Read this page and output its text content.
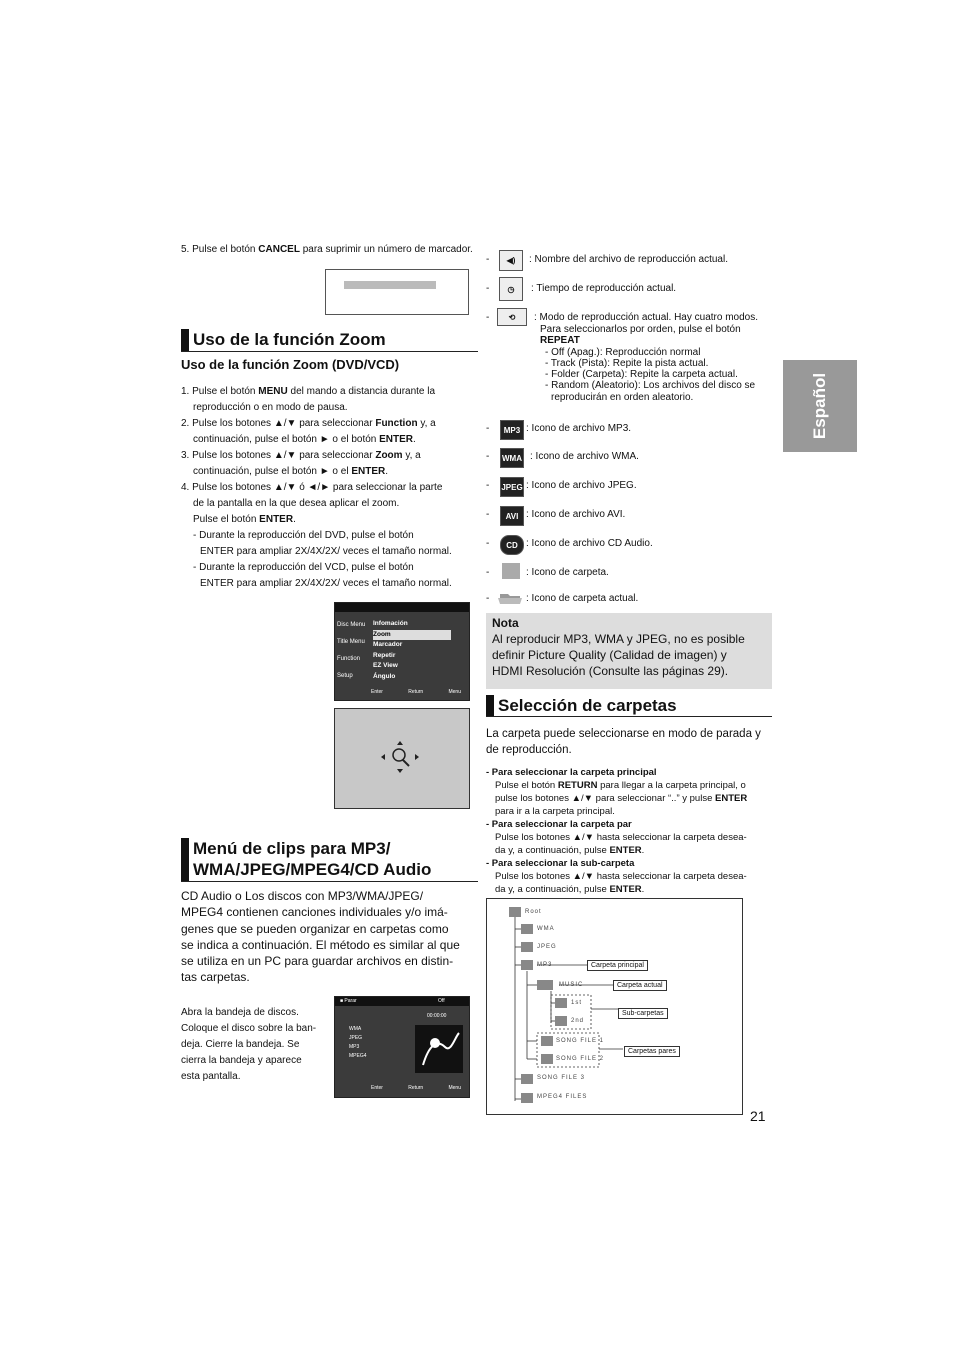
5. Pulse el botón CANCEL para suprimir un número de marcador.
Uso de la función Zoom
Uso de la función Zoom (DVD/VCD)
1. Pulse el botón MENU del mando a distancia durante la
reproducción o en modo de pausa.
2. Pulse los botones ▲/▼ para seleccionar Function y, a
continuación, pulse el botón ► o el botón ENTER.
3. Pulse los botones ▲/▼ para seleccionar Zoom y, a
continuación, pulse el botón ► o el ENTER.
4. Pulse los botones ▲/▼ ó ◄/► para seleccionar la parte
de la pantalla en la que desea aplicar el zoom.
Pulse el botón ENTER.
- Durante la reproducción del DVD, pulse el botón
ENTER para ampliar 2X/4X/2X/ veces el tamaño normal.
- Durante la reproducción del VCD, pulse el botón
ENTER para ampliar 2X/4X/2X/ veces el tamaño normal.
Disc Menu
Title Menu
Function
Setup
Infomación
Zoom
Marcador
Repetir
EZ View
Ángulo
Enter	Return	Menu
Menú de clips para MP3/
WMA/JPEG/MPEG4/CD Audio
CD Audio o Los discos con MP3/WMA/JPEG/
MPEG4 contienen canciones individuales y/o imá-
genes que se pueden organizar en carpetas como
se indica a continuación. El método es similar al que
se utiliza en un PC para guardar archivos en distin-
tas carpetas.
Abra la bandeja de discos.
Coloque el disco sobre la ban-
deja. Cierre la bandeja. Se
cierra la bandeja y aparece
esta pantalla.
■ Parar	Off
00:00:00
WMA
JPEG
MP3
MPEG4
Enter	Return	Menu
-	◀)	: Nombre del archivo de reproducción actual.
-	◷	: Tiempo de reproducción actual.
-	⟲	: Modo de reproducción actual. Hay cuatro modos.
Para seleccionarlos por orden, pulse el botón
REPEAT
- Off (Apag.): Reproducción normal
- Track (Pista): Repite la pista actual.
- Folder (Carpeta): Repite la carpeta actual.
- Random (Aleatorio): Los archivos del disco se
reproducirán en orden aleatorio.
-	MP3 : Icono de archivo MP3.
- WMA : Icono de archivo WMA.
- JPEG : Icono de archivo JPEG.
-	AVI : Icono de archivo AVI.
-	CD : Icono de archivo CD Audio.
-	: Icono de carpeta.
-	: Icono de carpeta actual.
Nota
Al reproducir MP3, WMA y JPEG, no es posible
definir Picture Quality (Calidad de imagen) y
HDMI Resolución (Consulte las páginas 29).
Selección de carpetas
La carpeta puede seleccionarse en modo de parada y
de reproducción.
- Para seleccionar la carpeta principal
Pulse el botón RETURN para llegar a la carpeta principal, o
pulse los botones ▲/▼ para seleccionar “..” y pulse ENTER
para ir a la carpeta principal.
- Para seleccionar la carpeta par
Pulse los botones ▲/▼ hasta seleccionar la carpeta desea-
da y, a continuación, pulse ENTER.
- Para seleccionar la sub-carpeta
Pulse los botones ▲/▼ hasta seleccionar la carpeta desea-
da y, a continuación, pulse ENTER.
Root
WMA
JPEG
MP3
MUSIC
1st
2nd
SONG FILE 1
SONG FILE 2
SONG FILE 3
MPEG4 FILES
Carpeta principal
Carpeta actual
Sub-carpetas
Carpetas pares
Español
21
